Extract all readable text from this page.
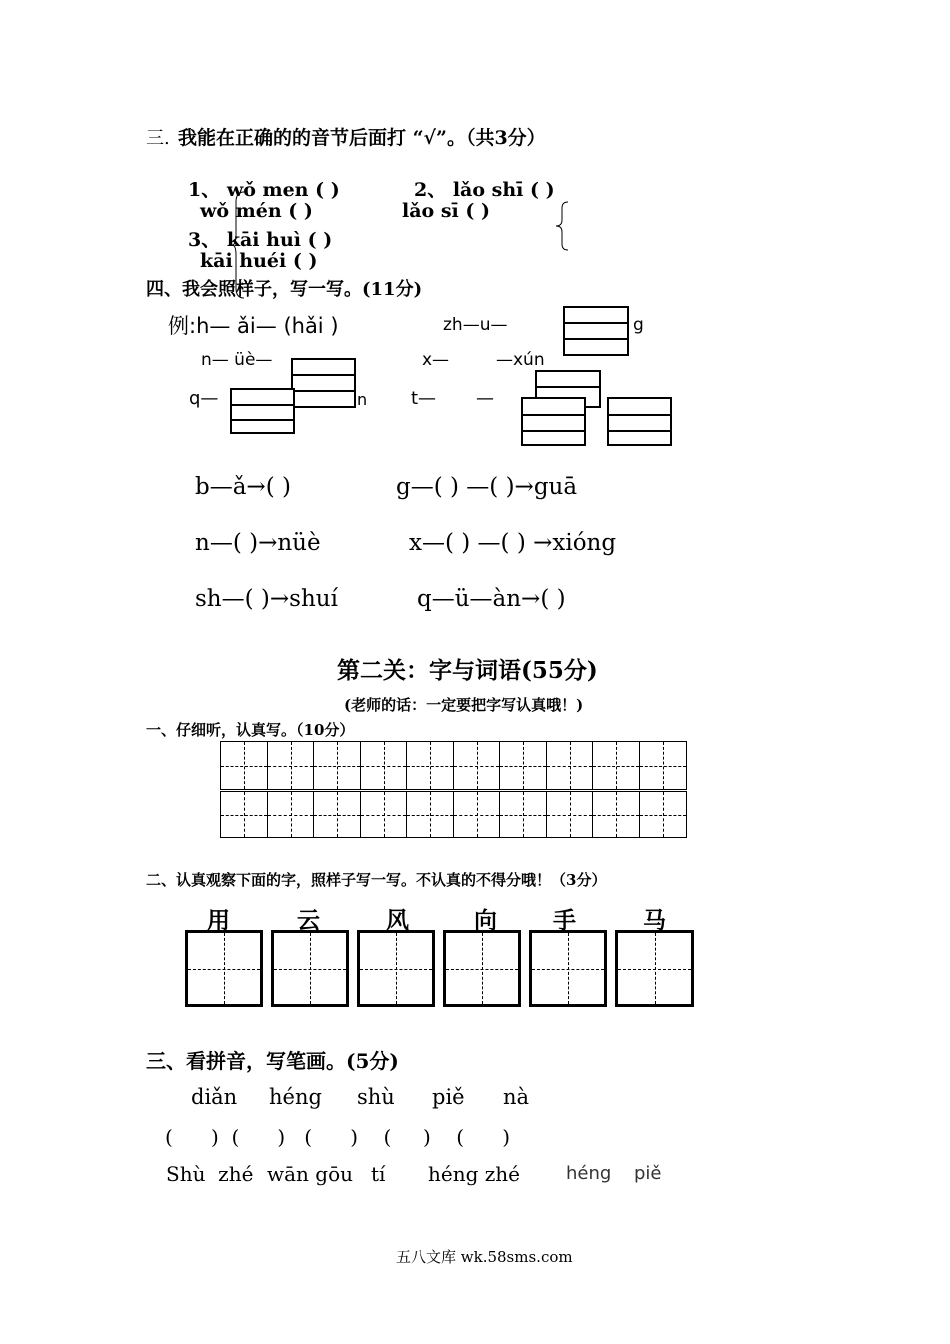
三. 我能在正确的的音节后面打 “√”。（共3分）
1、 wǒ men ( )	2、 lǎo shī ( )
wǒ mén ( )	lǎo sī ( )
3、 kāi huì ( )
kāi huéi ( )
四、我会照样子，写一写。(11分)
例:h— ǎi— (hǎi )	zh—u—	g
n— üè—	x—	—xún
q—	n t— —
b—ǎ→( )	g—( ) —( )→guā
n—( )→nüè	x—( ) —( ) →xióng
sh—( )→shuí	q—ü—àn→( )
第二关：字与词语(55分)
(老师的话：一定要把字写认真哦！)
一、仔细听，认真写。（10分）
二、认真观察下面的字，照样子写一写。不认真的不得分哦！（3分）
用	云	风	向 手	马
三、看拼音，写笔画。(5分)
diǎn héng shù piě nà
(      )  (      )   (      )    (     )    (      )
Shù  zhé wān gōu tí héng zhé	héng piě
五八文库 wk.58sms.com
